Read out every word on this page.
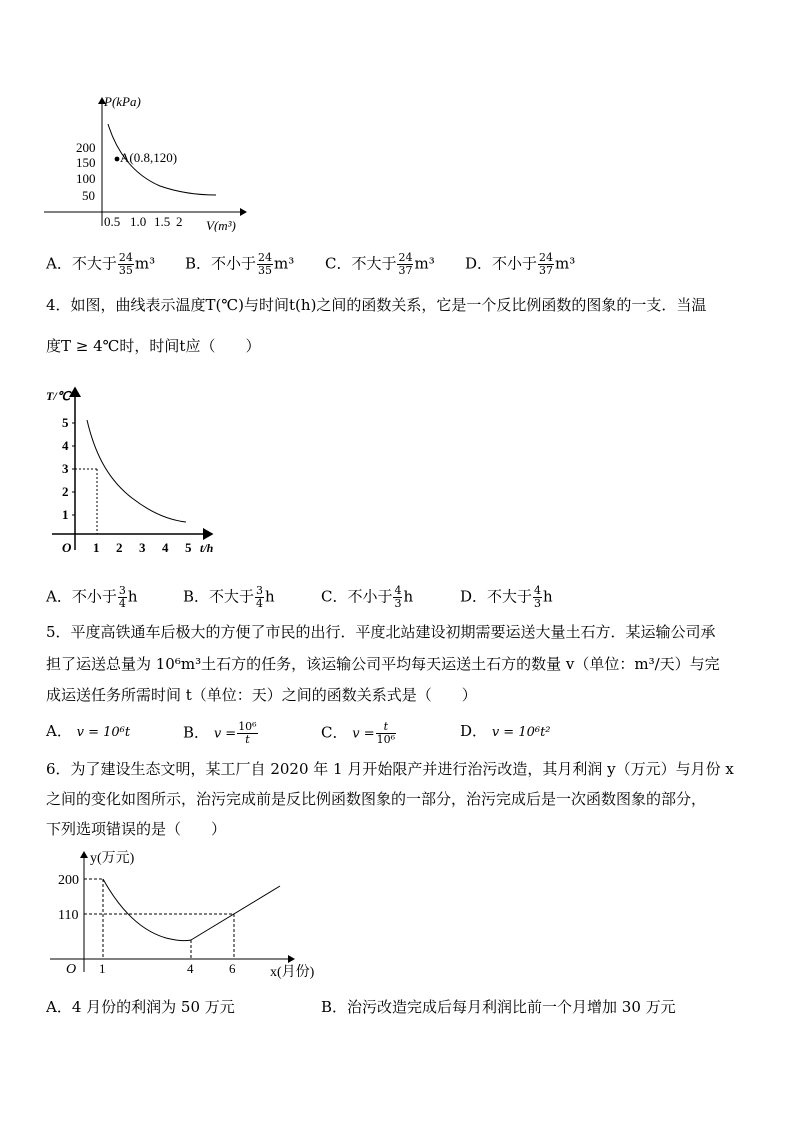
P(kPa)
V(m³)
200
150
100
50
0.5 1.0 1.5 2
A(0.8,120)
A．不大于 $\frac{24}{35} m^3$ B．不小于 $\frac{24}{35} m^3$ C．不大于 $\frac{24}{37} m^3$ D．不小于 $\frac{24}{37} m^3$
4．如图，曲线表示温度T(℃)与时间t(h)之间的函数关系，它是一个反比例函数的图象的一支．当温
度T ≥ 4℃时，时间t应（　　）
T/℃
t/h
O
5
4
3
2
1
1 2 3 4 5
A．不小于 $\frac{3}{4}$ h	B．不大于 $\frac{3}{4}$ h	C．不小于 $\frac{4}{3}$ h	D．不大于 $\frac{4}{3}$ h
5．平度高铁通车后极大的方便了市民的出行．平度北站建设初期需要运送大量土石方．某运输公司承
担了运送总量为 10⁶m³土石方的任务，该运输公司平均每天运送土石方的数量 v（单位：m³/天）与完
成运送任务所需时间 t（单位：天）之间的函数关系式是（　　）
A． v = 10⁶t	B． $v = \frac{\text{10⁶}}{t}$	C． $v = \frac{t}{\text{10⁶}}$	D． v = 10⁶t²
6．为了建设生态文明，某工厂自 2020 年 1 月开始限产并进行治污改造，其月利润 y（万元）与月份 x
之间的变化如图所示，治污完成前是反比例函数图象的一部分，治污完成后是一次函数图象的部分，
下列选项错误的是（　　）
y(万元)
x(月份)
O
200
110
1	4	6
A．4 月份的利润为 50 万元	B．治污改造完成后每月利润比前一个月增加 30 万元
